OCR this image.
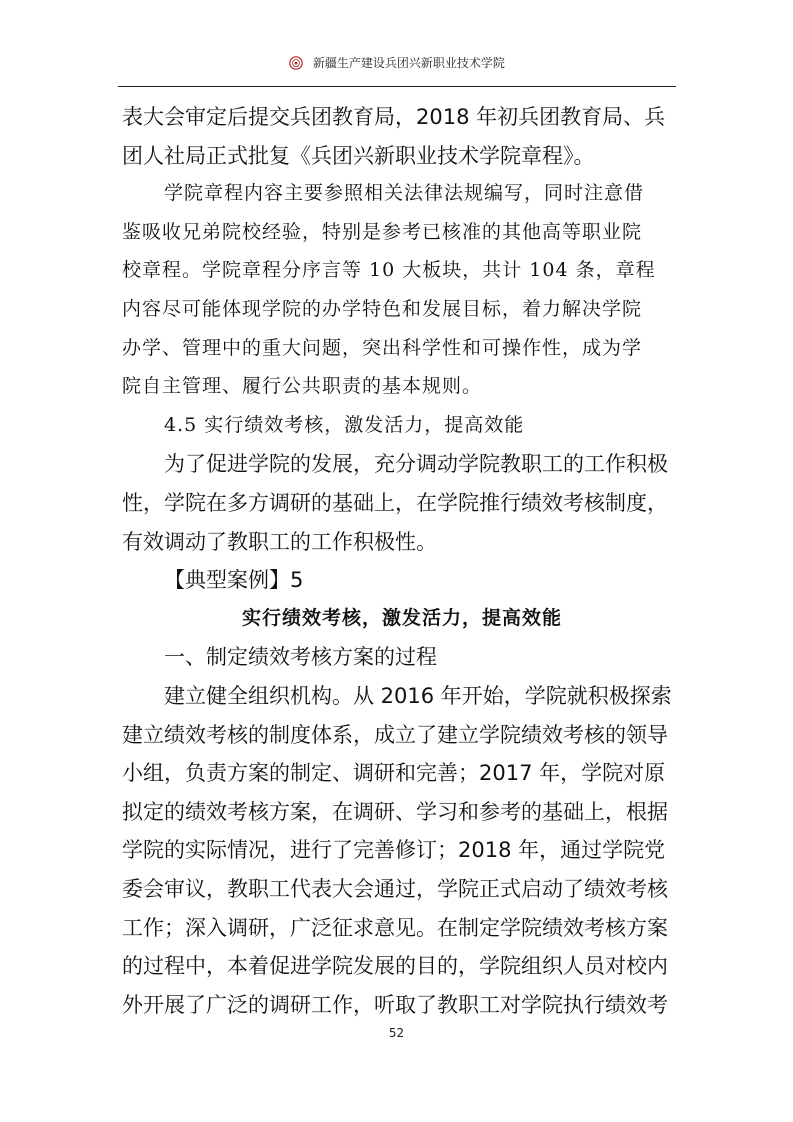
新疆生产建设兵团兴新职业技术学院
表大会审定后提交兵团教育局，2018 年初兵团教育局、兵
团人社局正式批复《兵团兴新职业技术学院章程》。
学院章程内容主要参照相关法律法规编写，同时注意借
鉴吸收兄弟院校经验，特别是参考已核准的其他高等职业院
校章程。学院章程分序言等 10 大板块，共计 104 条，章程
内容尽可能体现学院的办学特色和发展目标，着力解决学院
办学、管理中的重大问题，突出科学性和可操作性，成为学
院自主管理、履行公共职责的基本规则。
4.5 实行绩效考核，激发活力，提高效能
为了促进学院的发展，充分调动学院教职工的工作积极
性，学院在多方调研的基础上，在学院推行绩效考核制度，
有效调动了教职工的工作积极性。
【典型案例】5
实行绩效考核，激发活力，提高效能
一、制定绩效考核方案的过程
建立健全组织机构。从 2016 年开始，学院就积极探索
建立绩效考核的制度体系，成立了建立学院绩效考核的领导
小组，负责方案的制定、调研和完善；2017 年，学院对原
拟定的绩效考核方案，在调研、学习和参考的基础上，根据
学院的实际情况，进行了完善修订；2018 年，通过学院党
委会审议，教职工代表大会通过，学院正式启动了绩效考核
工作；深入调研，广泛征求意见。在制定学院绩效考核方案
的过程中，本着促进学院发展的目的，学院组织人员对校内
外开展了广泛的调研工作，听取了教职工对学院执行绩效考
52
